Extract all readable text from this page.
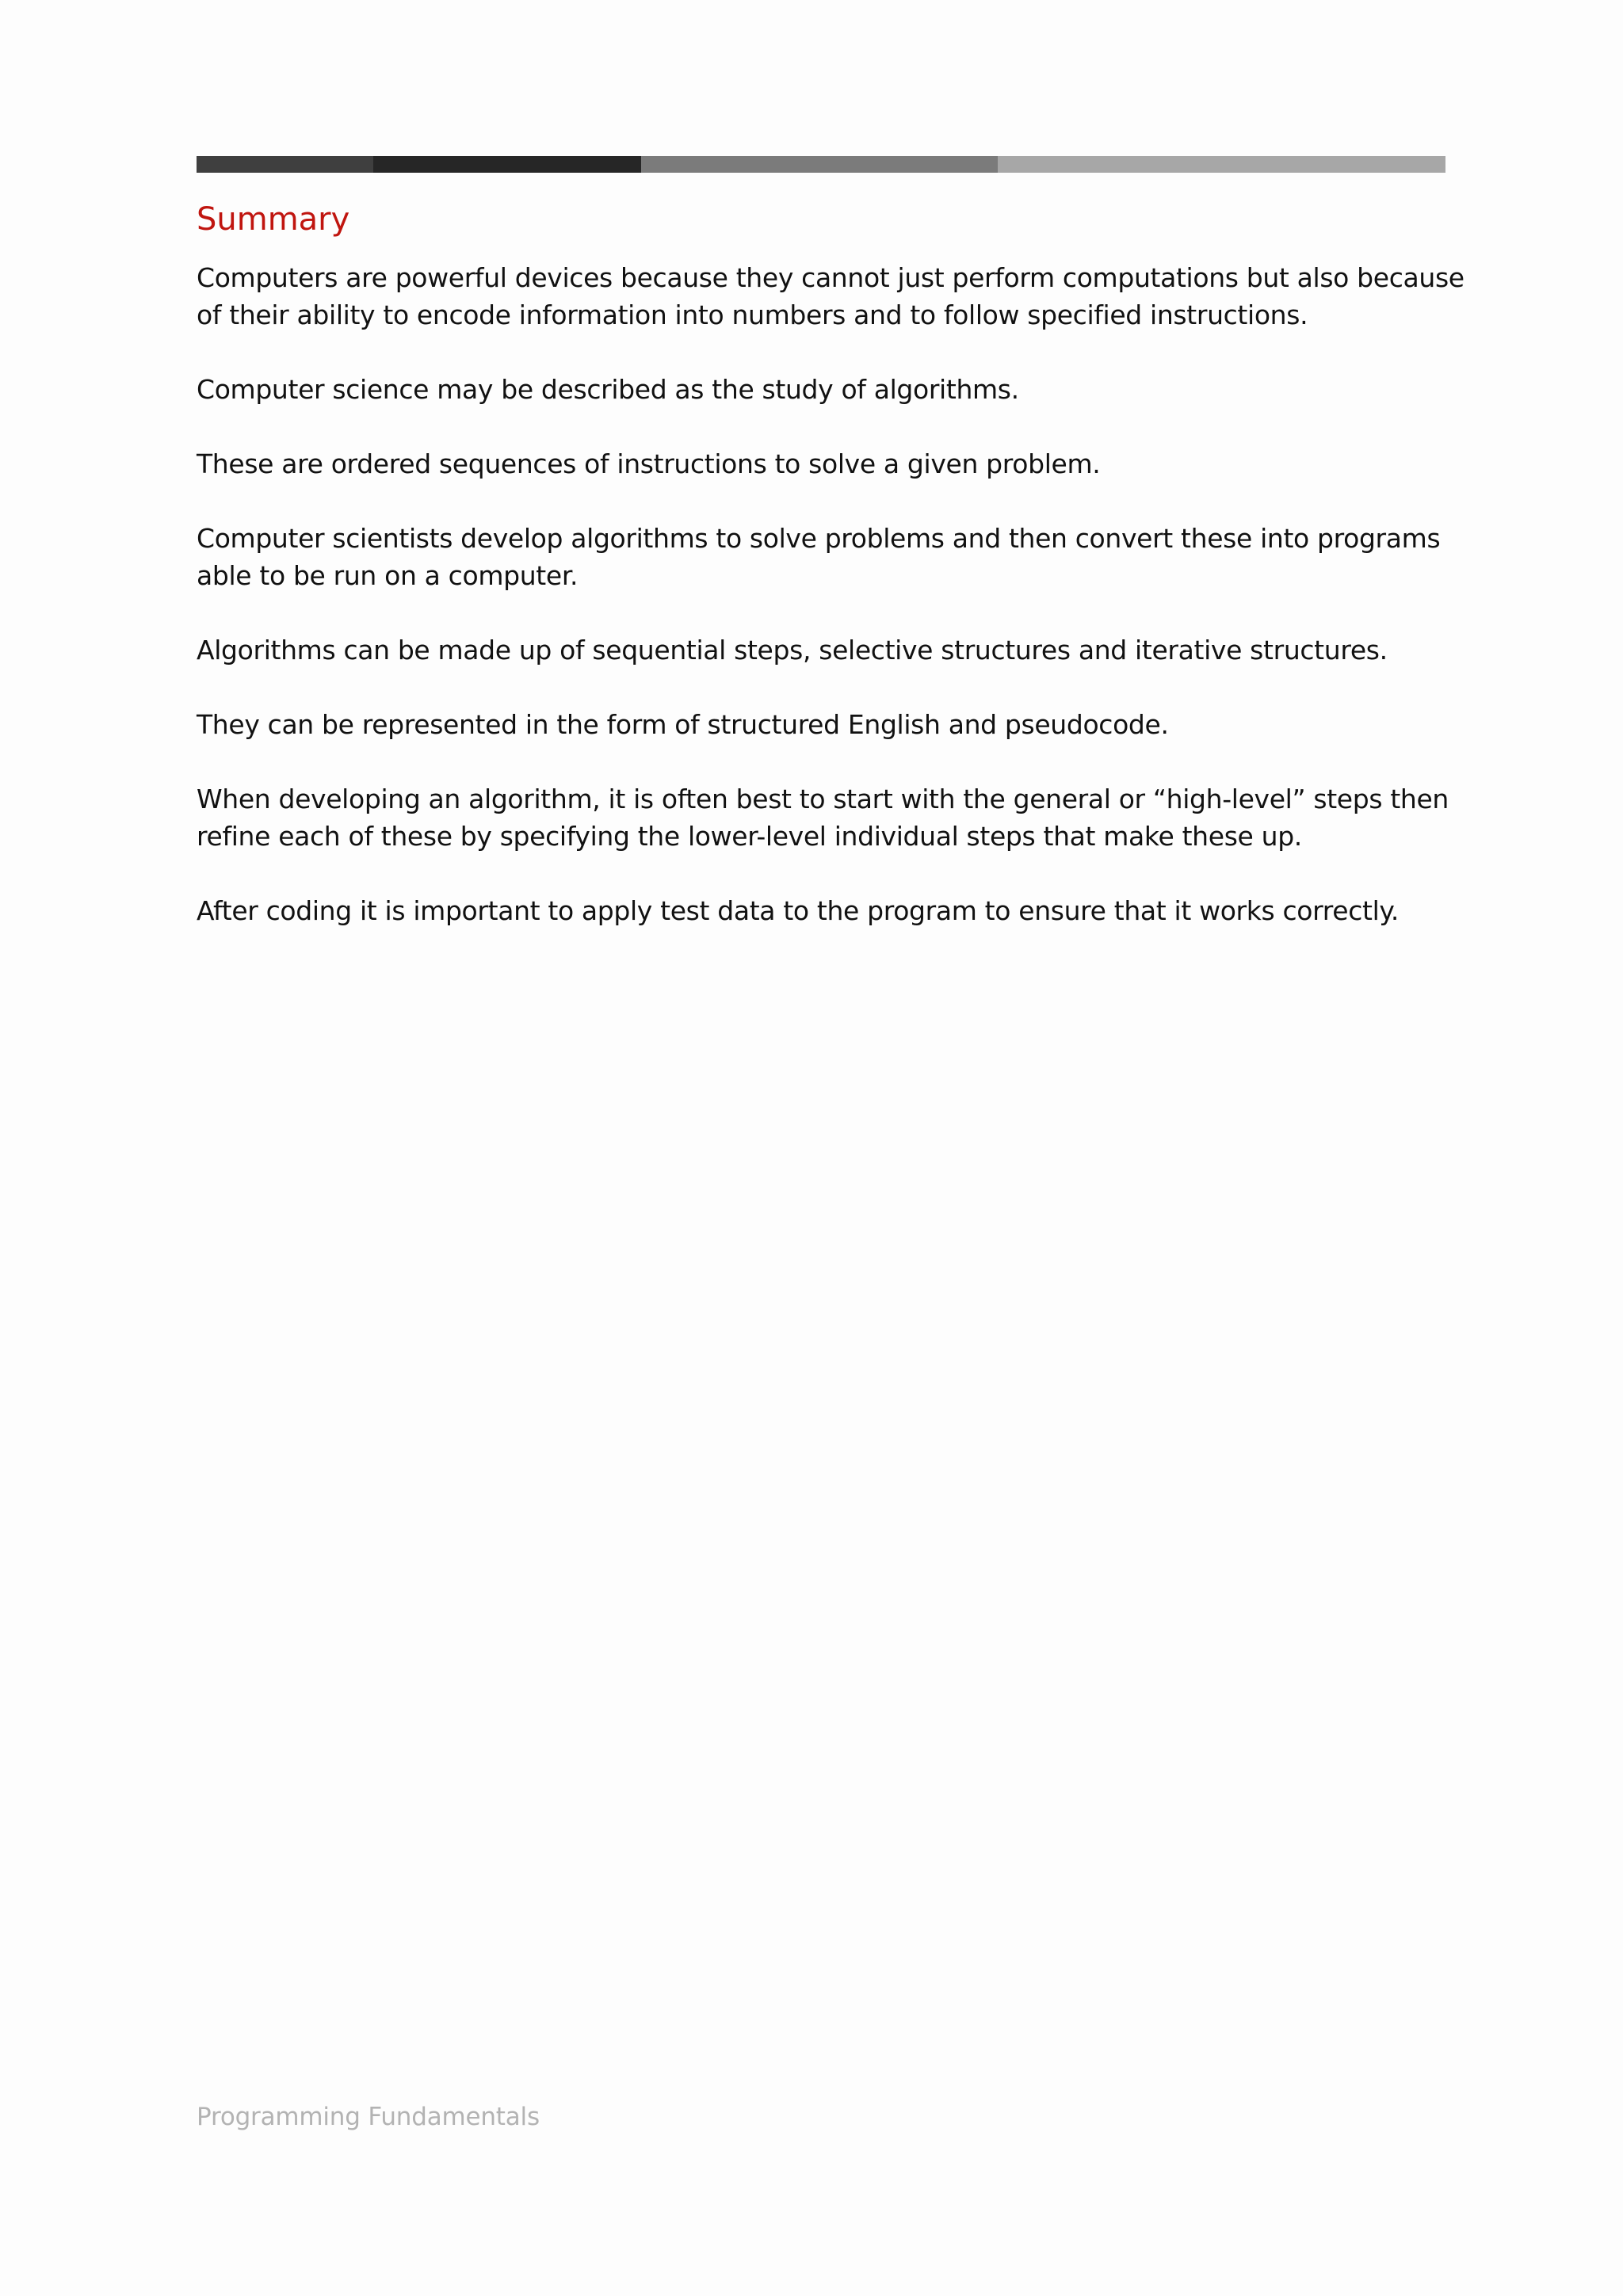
Summary

Computers are powerful devices because they cannot just perform computations but also because of their ability to encode information into numbers and to follow specified instructions.

Computer science may be described as the study of algorithms.

These are ordered sequences of instructions to solve a given problem.

Computer scientists develop algorithms to solve problems and then convert these into programs able to be run on a computer.

Algorithms can be made up of sequential steps, selective structures and iterative structures.

They can be represented in the form of structured English and pseudocode.

When developing an algorithm, it is often best to start with the general or “high-level” steps then refine each of these by specifying the lower-level individual steps that make these up.

After coding it is important to apply test data to the program to ensure that it works correctly.

Programming Fundamentals
